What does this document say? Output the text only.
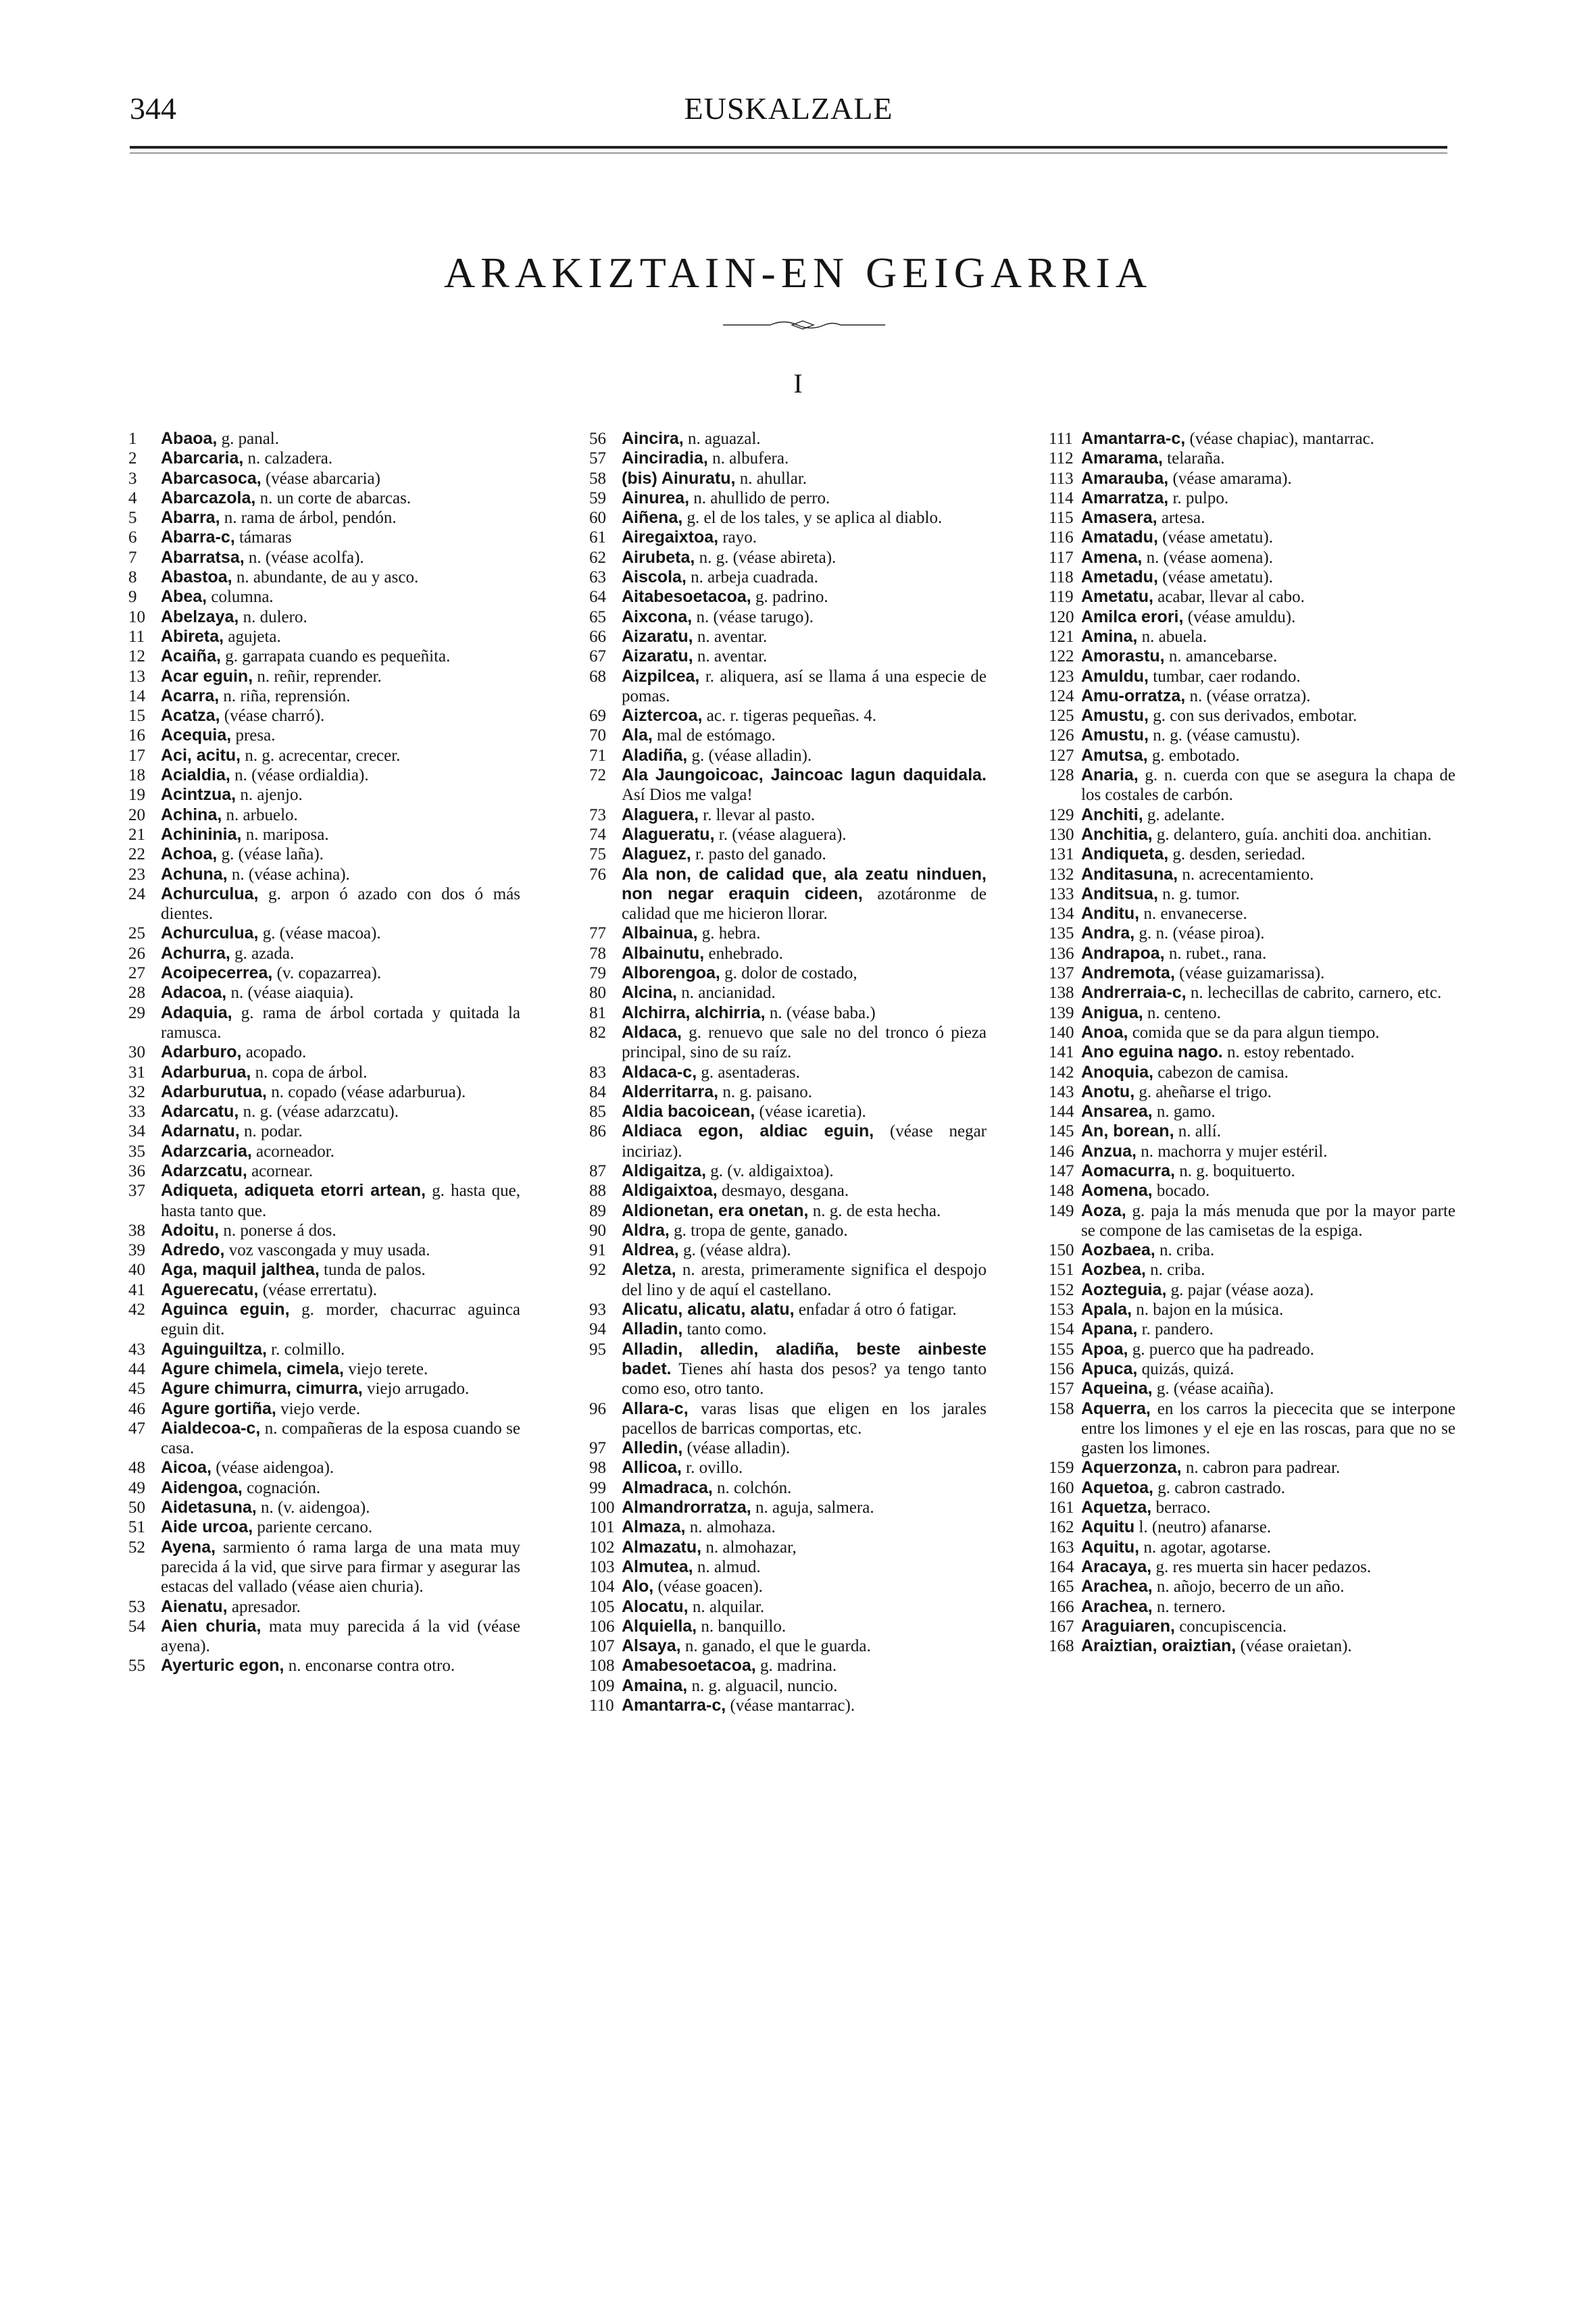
344	EUSKALZALE
ARAKIZTAIN-EN GEIGARRIA
I
1	Abaoa, g. panal.
2	Abarcaria, n. calzadera.
3	Abarcasoca, (véase abarcaria)
4	Abarcazola, n. un corte de abarcas.
5	Abarra, n. rama de árbol, pendón.
6	Abarra-c, támaras
7	Abarratsa, n. (véase acolfa).
8	Abastoa, n. abundante, de au y asco.
9	Abea, columna.
10 Abelzaya, n. dulero.
11 Abireta, agujeta.
12 Acaiña, g. garrapata cuando es pequeñita.
13 Acar eguin, n. reñir, reprender.
14 Acarra, n. riña, reprensión.
15 Acatza, (véase charró).
16 Acequia, presa.
17 Aci, acitu, n. g. acrecentar, crecer.
18 Acialdia, n. (véase ordialdia).
19 Acintzua, n. ajenjo.
20 Achina, n. arbuelo.
21 Achininia, n. mariposa.
22 Achoa, g. (véase laña).
23 Achuna, n. (véase achina).
24 Achurculua, g. arpon ó azado con dos ó más dientes.
25 Achurculua, g. (véase macoa).
26 Achurra, g. azada.
27 Acoipecerrea, (v. copazarrea).
28 Adacoa, n. (véase aiaquia).
29 Adaquia, g. rama de árbol cortada y quitada la ramusca.
30 Adarburo, acopado.
31 Adarburua, n. copa de árbol.
32 Adarburutua, n. copado (véase adarburua).
33 Adarcatu, n. g. (véase adarzcatu).
34 Adarnatu, n. podar.
35 Adarzcaria, acorneador.
36 Adarzcatu, acornear.
37 Adiqueta, adiqueta etorri artean, g. hasta que, hasta tanto que.
38 Adoitu, n. ponerse á dos.
39 Adredo, voz vascongada y muy usada.
40 Aga, maquil jalthea, tunda de palos.
41 Aguerecatu, (véase errertatu).
42 Aguinca eguin, g. morder, chacurrac aguinca eguin dit.
43 Aguinguiltza, r. colmillo.
44 Agure chimela, cimela, viejo terete.
45 Agure chimurra, cimurra, viejo arrugado.
46 Agure gortiña, viejo verde.
47 Aialdecoa-c, n. compañeras de la esposa cuando se casa.
48 Aicoa, (véase aidengoa).
49 Aidengoa, cognación.
50 Aidetasuna, n. (v. aidengoa).
51 Aide urcoa, pariente cercano.
52 Ayena, sarmiento ó rama larga de una mata muy parecida á la vid, que sirve para firmar y asegurar las estacas del vallado (véase aien churia).
53 Aienatu, apresador.
54 Aien churia, mata muy parecida á la vid (véase ayena).
55 Ayerturic egon, n. enconarse contra otro.
56 Aincira, n. aguazal.
57 Ainciradia, n. albufera.
58 (bis) Ainuratu, n. ahullar.
59 Ainurea, n. ahullido de perro.
60 Aiñena, g. el de los tales, y se aplica al diablo.
61 Airegaixtoa, rayo.
62 Airubeta, n. g. (véase abireta).
63 Aiscola, n. arbeja cuadrada.
64 Aitabesoetacoa, g. padrino.
65 Aixcona, n. (véase tarugo).
66 Aizaratu, n. aventar.
67 Aizaratu, n. aventar.
68 Aizpilcea, r. aliquera, así se llama á una especie de pomas.
69 Aiztercoa, ac. r. tigeras pequeñas. 4.
70 Ala, mal de estómago.
71 Aladiña, g. (véase alladin).
72 Ala Jaungoicoac, Jaincoac lagun daquidala. Así Dios me valga!
73 Alaguera, r. llevar al pasto.
74 Alagueratu, r. (véase alaguera).
75 Alaguez, r. pasto del ganado.
76 Ala non, de calidad que, ala zeatu ninduen, non negar eraquin cideen, azotáronme de calidad que me hicieron llorar.
77 Albainua, g. hebra.
78 Albainutu, enhebrado.
79 Alborengoa, g. dolor de costado,
80 Alcina, n. ancianidad.
81 Alchirra, alchirria, n. (véase baba.)
82 Aldaca, g. renuevo que sale no del tronco ó pieza principal, sino de su raíz.
83 Aldaca-c, g. asentaderas.
84 Alderritarra, n. g. paisano.
85 Aldia bacoicean, (véase icaretia).
86 Aldiaca egon, aldiac eguin, (véase negar inciriaz).
87 Aldigaitza, g. (v. aldigaixtoa).
88 Aldigaixtoa, desmayo, desgana.
89 Aldionetan, era onetan, n. g. de esta hecha.
90 Aldra, g. tropa de gente, ganado.
91 Aldrea, g. (véase aldra).
92 Aletza, n. aresta, primeramente significa el despojo del lino y de aquí el castellano.
93 Alicatu, alicatu, alatu, enfadar á otro ó fatigar.
94 Alladin, tanto como.
95 Alladin, alledin, aladiña, beste ainbeste badet. Tienes ahí hasta dos pesos? ya tengo tanto como eso, otro tanto.
96 Allara-c, varas lisas que eligen en los jarales pacellos de barricas comportas, etc.
97 Alledin, (véase alladin).
98 Allicoa, r. ovillo.
99 Almadraca, n. colchón.
100 Almandrorratza, n. aguja, salmera.
101 Almaza, n. almohaza.
102 Almazatu, n. almohazar,
103 Almutea, n. almud.
104 Alo, (véase goacen).
105 Alocatu, n. alquilar.
106 Alquiella, n. banquillo.
107 Alsaya, n. ganado, el que le guarda.
108 Amabesoetacoa, g. madrina.
109 Amaina, n. g. alguacil, nuncio.
110 Amantarra-c, (véase mantarrac).
111 Amantarra-c, (véase chapiac), mantarrac.
112 Amarama, telaraña.
113 Amarauba, (véase amarama).
114 Amarratza, r. pulpo.
115 Amasera, artesa.
116 Amatadu, (véase ametatu).
117 Amena, n. (véase aomena).
118 Ametadu, (véase ametatu).
119 Ametatu, acabar, llevar al cabo.
120 Amilca erori, (véase amuldu).
121 Amina, n. abuela.
122 Amorastu, n. amancebarse.
123 Amuldu, tumbar, caer rodando.
124 Amu-orratza, n. (véase orratza).
125 Amustu, g. con sus derivados, embotar.
126 Amustu, n. g. (véase camustu).
127 Amutsa, g. embotado.
128 Anaria, g. n. cuerda con que se asegura la chapa de los costales de carbón.
129 Anchiti, g. adelante.
130 Anchitia, g. delantero, guía. anchiti doa. anchitian.
131 Andiqueta, g. desden, seriedad.
132 Anditasuna, n. acrecentamiento.
133 Anditsua, n. g. tumor.
134 Anditu, n. envanecerse.
135 Andra, g. n. (véase piroa).
136 Andrapoa, n. rubet., rana.
137 Andremota, (véase guizamarissa).
138 Andrerraia-c, n. lechecillas de cabrito, carnero, etc.
139 Anigua, n. centeno.
140 Anoa, comida que se da para algun tiempo.
141 Ano eguina nago. n. estoy rebentado.
142 Anoquia, cabezon de camisa.
143 Anotu, g. aheñarse el trigo.
144 Ansarea, n. gamo.
145 An, borean, n. allí.
146 Anzua, n. machorra y mujer estéril.
147 Aomacurra, n. g. boquituerto.
148 Aomena, bocado.
149 Aoza, g. paja la más menuda que por la mayor parte se compone de las camisetas de la espiga.
150 Aozbaea, n. criba.
151 Aozbea, n. criba.
152 Aozteguia, g. pajar (véase aoza).
153 Apala, n. bajon en la música.
154 Apana, r. pandero.
155 Apoa, g. puerco que ha padreado.
156 Apuca, quizás, quizá.
157 Aqueina, g. (véase acaiña).
158 Aquerra, en los carros la piececita que se interpone entre los limones y el eje en las roscas, para que no se gasten los limones.
159 Aquerzonza, n. cabron para padrear.
160 Aquetoa, g. cabron castrado.
161 Aquetza, berraco.
162 Aquitu l. (neutro) afanarse.
163 Aquitu, n. agotar, agotarse.
164 Aracaya, g. res muerta sin hacer pedazos.
165 Arachea, n. añojo, becerro de un año.
166 Arachea, n. ternero.
167 Araguiaren, concupiscencia.
168 Araiztian, oraiztian, (véase oraietan).
